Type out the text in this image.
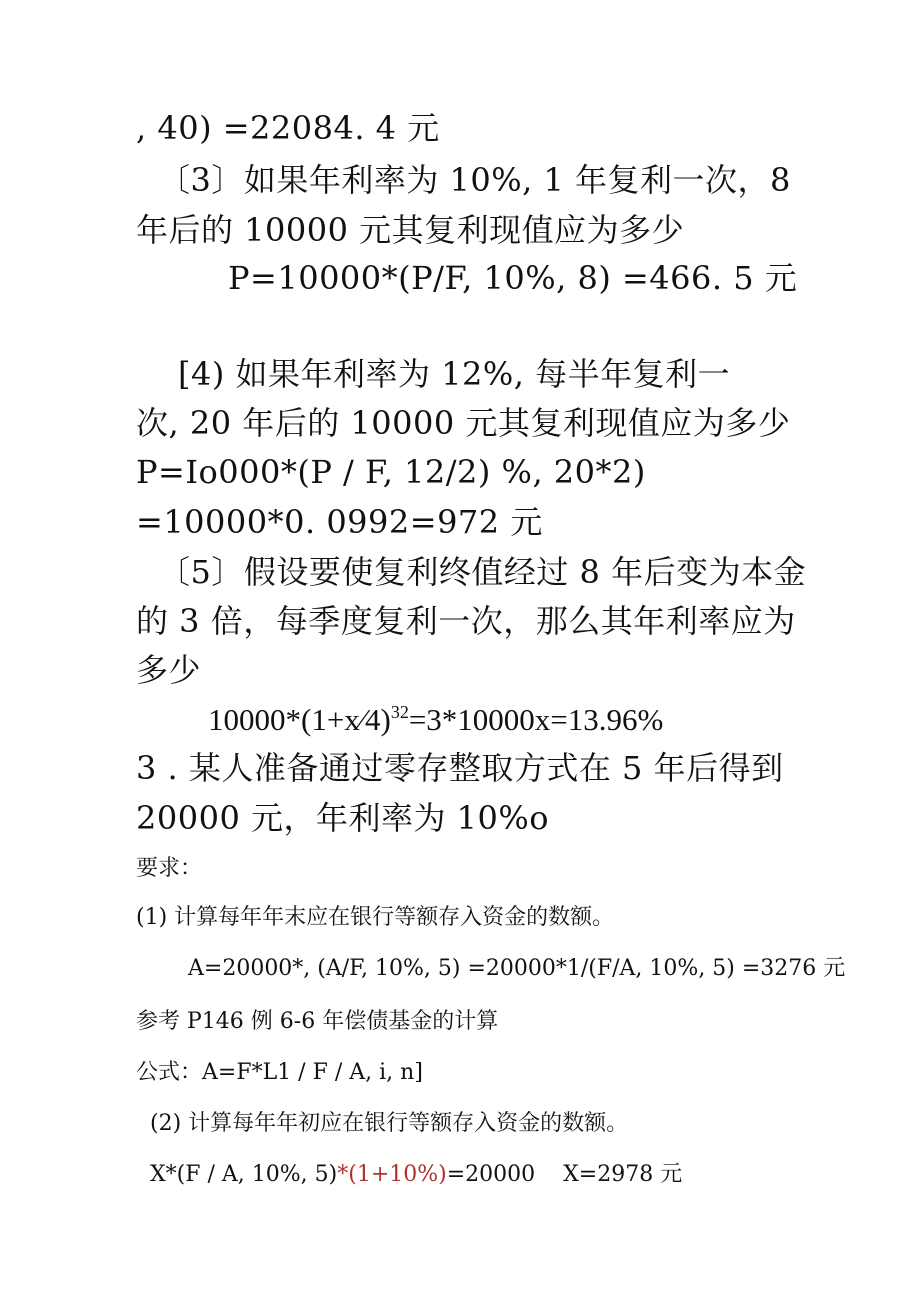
, 40) =22084. 4 元

〔3〕如果年利率为 10%, 1 年复利一次，8

年后的 10000 元其复利现值应为多少

P=10000*(P/F, 10%, 8) =466. 5 元

[4) 如果年利率为 12%, 每半年复利一

次, 20 年后的 10000 元其复利现值应为多少

P=Io000*(P / F, 12/2) %, 20*2)

=10000*0. 0992=972 元

〔5〕假设要使复利终值经过 8 年后变为本金

的 3 倍，每季度复利一次，那么其年利率应为

多少

10000*(1+x⁄4)$^{32}$=3*10000x=13.96%

3 . 某人准备通过零存整取方式在 5 年后得到

20000 元，年利率为 10%o

要求：

(1) 计算每年年末应在银行等额存入资金的数额。

A=20000*, (A/F, 10%, 5) =20000*1/(F/A, 10%, 5) =3276 元

参考 P146 例 6-6 年偿债基金的计算

公式：A=F*L1 / F / A, i, n]

(2) 计算每年年初应在银行等额存入资金的数额。

X*(F / A, 10%, 5)*(1+10%)=20000    X=2978 元
